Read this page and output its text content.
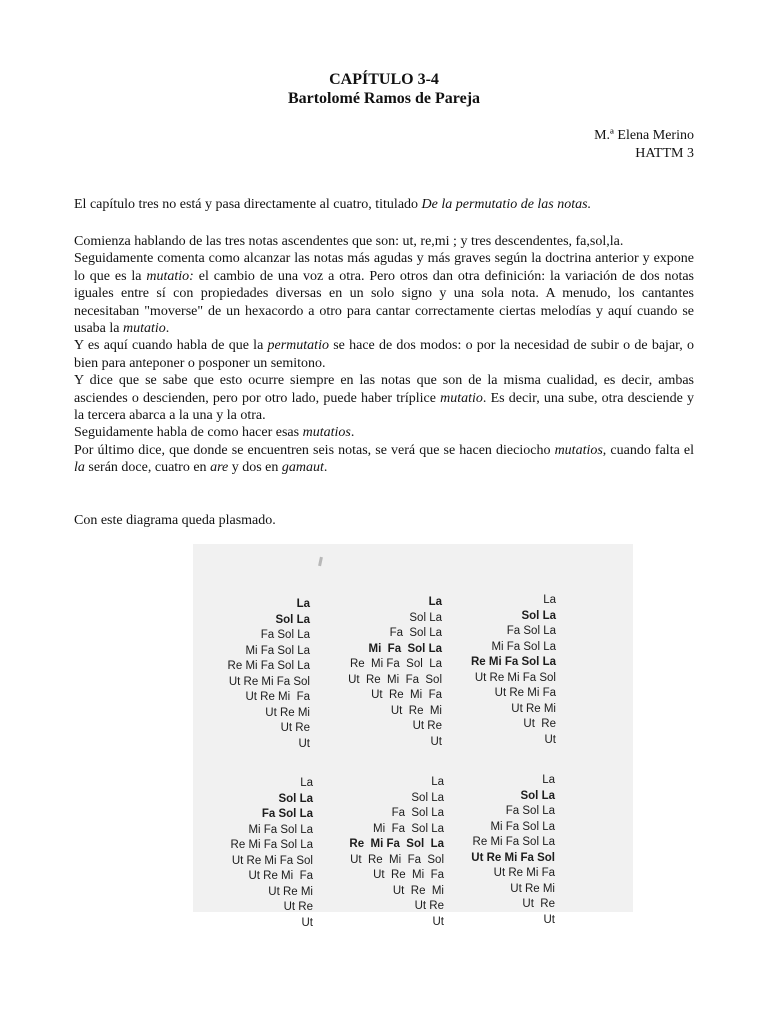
CAPÍTULO 3-4
Bartolomé Ramos de Pareja
M.ª Elena Merino
HATTM 3

El capítulo tres no está y pasa directamente al cuatro, titulado De la permutatio de las notas.

Comienza hablando de las tres notas ascendentes que son: ut, re,mi ; y tres descendentes, fa,sol,la.

Seguidamente comenta como alcanzar las notas más agudas y más graves según la doctrina anterior y expone lo que es la mutatio: el cambio de una voz a otra. Pero otros dan otra definición: la variación de dos notas iguales entre sí con propiedades diversas en un solo signo y una sola nota. A menudo, los cantantes necesitaban "moverse" de un hexacordo a otro para cantar correctamente ciertas melodías y aquí cuando se usaba la mutatio.

Y es aquí cuando habla de que la permutatio se hace de dos modos: o por la necesidad de subir o de bajar, o bien para anteponer o posponer un semitono.

Y dice que se sabe que esto ocurre siempre en las notas que son de la misma cualidad, es decir, ambas asciendes o descienden, pero por otro lado, puede haber tríplice mutatio. Es decir, una sube, otra desciende y la tercera abarca a la una y la otra.

Seguidamente habla de como hacer esas mutatios.

Por último dice, que donde se encuentren seis notas, se verá que se hacen dieciocho mutatios, cuando falta el la serán doce, cuatro en are y dos en gamaut.

Con este diagrama queda plasmado.

La
Sol La
Fa Sol La
Mi Fa Sol La
Re Mi Fa Sol La
Ut Re Mi Fa Sol
Ut Re Mi  Fa
Ut Re Mi
Ut Re
Ut

La
Sol La
Fa  Sol La
Mi  Fa  Sol La
Re  Mi Fa  Sol  La
Ut  Re  Mi  Fa  Sol
Ut  Re  Mi  Fa
Ut  Re  Mi
Ut Re
Ut

La
Sol La
Fa Sol La
Mi Fa Sol La
Re Mi Fa Sol La
Ut Re Mi Fa Sol
Ut Re Mi Fa
Ut Re Mi
Ut  Re
Ut

La
Sol La
Fa Sol La
Mi Fa Sol La
Re Mi Fa Sol La
Ut Re Mi Fa Sol
Ut Re Mi  Fa
Ut Re Mi
Ut Re
Ut

La
Sol La
Fa  Sol La
Mi  Fa  Sol La
Re  Mi Fa  Sol  La
Ut  Re  Mi  Fa  Sol
Ut  Re  Mi  Fa
Ut  Re  Mi
Ut Re
Ut

La
Sol La
Fa Sol La
Mi Fa Sol La
Re Mi Fa Sol La
Ut Re Mi Fa Sol
Ut Re Mi Fa
Ut Re Mi
Ut  Re
Ut
